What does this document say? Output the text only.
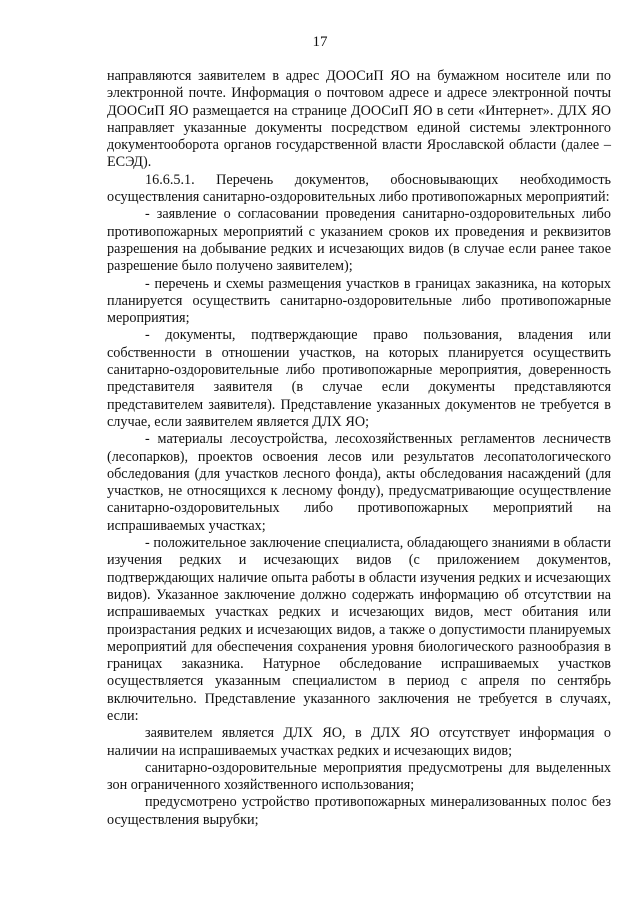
17

направляются заявителем в адрес ДООСиП ЯО на бумажном носителе или по электронной почте. Информация о почтовом адресе и адресе электронной почты ДООСиП ЯО размещается на странице ДООСиП ЯО в сети «Интернет». ДЛХ ЯО направляет указанные документы посредством единой системы электронного документооборота органов государственной власти Ярославской области (далее – ЕСЭД).

16.6.5.1. Перечень документов, обосновывающих необходимость осуществления санитарно-оздоровительных либо противопожарных мероприятий:

- заявление о согласовании проведения санитарно-оздоровительных либо противопожарных мероприятий с указанием сроков их проведения и реквизитов разрешения на добывание редких и исчезающих видов (в случае если ранее такое разрешение было получено заявителем);

- перечень и схемы размещения участков в границах заказника, на которых планируется осуществить санитарно-оздоровительные либо противопожарные мероприятия;

- документы, подтверждающие право пользования, владения или собственности в отношении участков, на которых планируется осуществить санитарно-оздоровительные либо противопожарные мероприятия, доверенность представителя заявителя (в случае если документы представляются представителем заявителя). Представление указанных документов не требуется в случае, если заявителем является ДЛХ ЯО;

- материалы лесоустройства, лесохозяйственных регламентов лесничеств (лесопарков), проектов освоения лесов или результатов лесопатологического обследования (для участков лесного фонда), акты обследования насаждений (для участков, не относящихся к лесному фонду), предусматривающие осуществление санитарно-оздоровительных либо противопожарных мероприятий на испрашиваемых участках;

- положительное заключение специалиста, обладающего знаниями в области изучения редких и исчезающих видов (с приложением документов, подтверждающих наличие опыта работы в области изучения редких и исчезающих видов). Указанное заключение должно содержать информацию об отсутствии на испрашиваемых участках редких и исчезающих видов, мест обитания или произрастания редких и исчезающих видов, а также о допустимости планируемых мероприятий для обеспечения сохранения уровня биологического разнообразия в границах заказника. Натурное обследование испрашиваемых участков осуществляется указанным специалистом в период с апреля по сентябрь включительно. Представление указанного заключения не требуется в случаях, если:

заявителем является ДЛХ ЯО, в ДЛХ ЯО отсутствует информация о наличии на испрашиваемых участках редких и исчезающих видов;

санитарно-оздоровительные мероприятия предусмотрены для выделенных зон ограниченного хозяйственного использования;

предусмотрено устройство противопожарных минерализованных полос без осуществления вырубки;
